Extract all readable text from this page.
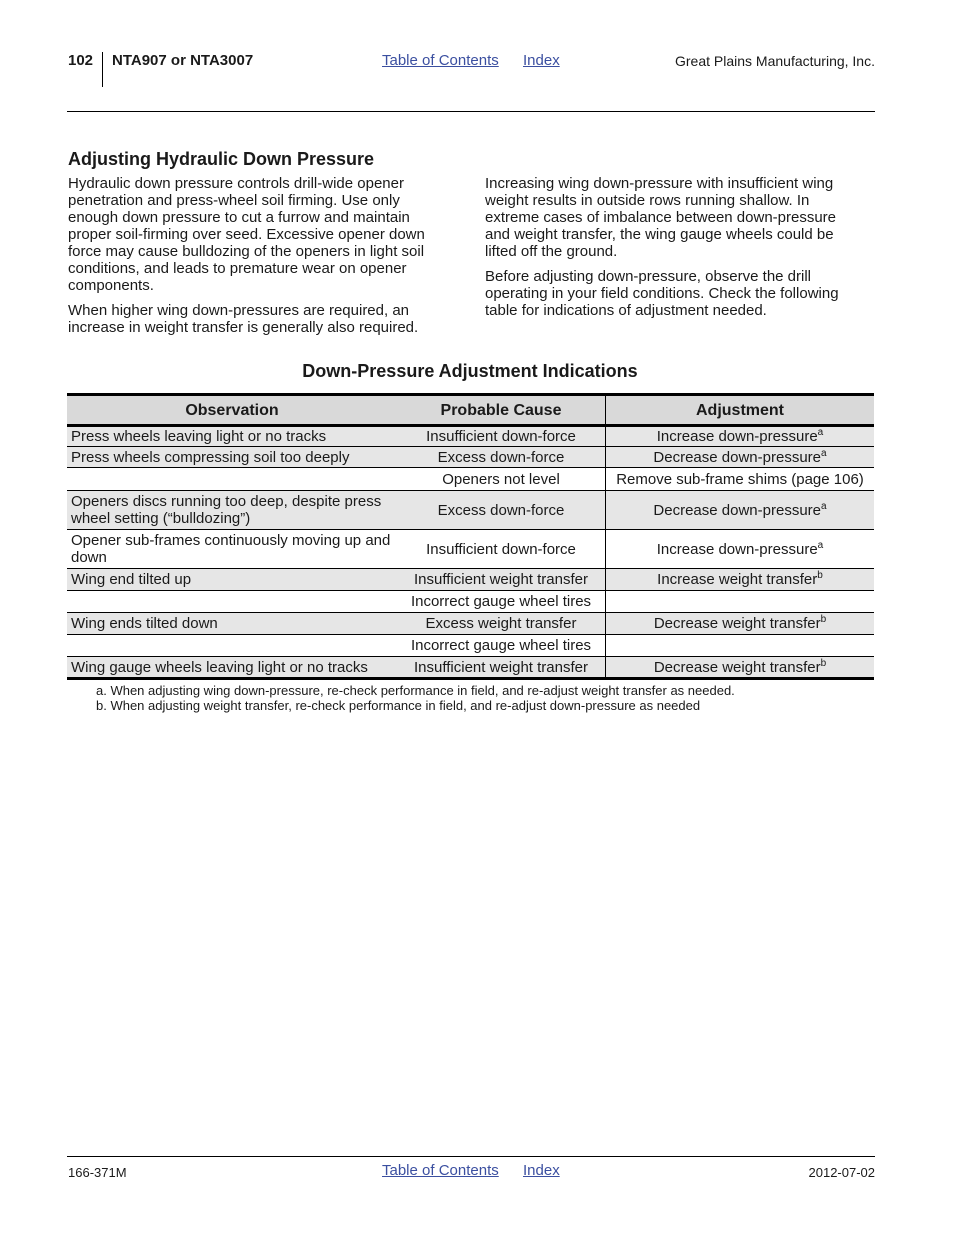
102 NTA907 or NTA3007	Table of Contents Index	Great Plains Manufacturing, Inc.
Adjusting Hydraulic Down Pressure

Hydraulic down pressure controls drill-wide opener penetration and press-wheel soil firming. Use only enough down pressure to cut a furrow and maintain proper soil-firming over seed. Excessive opener down force may cause bulldozing of the openers in light soil conditions, and leads to premature wear on opener components.

When higher wing down-pressures are required, an increase in weight transfer is generally also required.

Increasing wing down-pressure with insufficient wing weight results in outside rows running shallow. In extreme cases of imbalance between down-pressure and weight transfer, the wing gauge wheels could be lifted off the ground.

Before adjusting down-pressure, observe the drill operating in your field conditions. Check the following table for indications of adjustment needed.

Down-Pressure Adjustment Indications
Observation	Probable Cause	Adjustment
Press wheels leaving light or no tracks	Insufficient down-force	Increase down-pressure$^a$
Press wheels compressing soil too deeply	Excess down-force	Decrease down-pressure$^a$
	Openers not level	Remove sub-frame shims (page 106)
Openers discs running too deep, despite press wheel setting (“bulldozing”)	Excess down-force	Decrease down-pressure$^a$
Opener sub-frames continuously moving up and down	Insufficient down-force	Increase down-pressure$^a$
Wing end tilted up	Insufficient weight transfer	Increase weight transfer$^b$
	Incorrect gauge wheel tires	
Wing ends tilted down	Excess weight transfer	Decrease weight transfer$^b$
	Incorrect gauge wheel tires	
Wing gauge wheels leaving light or no tracks	Insufficient weight transfer	Decrease weight transfer$^b$
a. When adjusting wing down-pressure, re-check performance in field, and re-adjust weight transfer as needed.
b. When adjusting weight transfer, re-check performance in field, and re-adjust down-pressure as needed
166-371M	Table of Contents Index	2012-07-02
